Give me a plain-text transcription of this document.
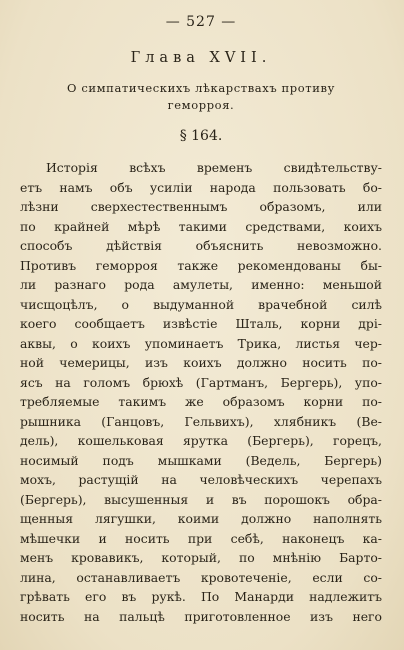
— 527 —
Глава XVII.
О симпатическихъ лѣкарствахъ противу геморроя.
§ 164.
Исторія всѣхъ временъ свидѣтельству-
етъ намъ объ усиліи народа пользовать бо-
лѣзни сверхестественнымъ образомъ, или
по крайней мѣрѣ такими средствами, коихъ
способъ дѣйствія объяснить невозможно.
Противъ геморроя также рекомендованы бы-
ли разнаго рода амулеты, именно: меньшой
чисщоцѣлъ, о выдуманной врачебной силѣ
коего сообщаетъ извѣстіе Шталь, корни дрі-
аквы, о коихъ упоминаетъ Трика, листья чер-
ной чемерицы, изъ коихъ должно носить по-
ясъ на голомъ брюхѣ (Гартманъ, Бергерь), упо-
требляемые такимъ же образомъ корни по-
рышника (Ганцовъ, Гельвихъ), хлябникъ (Ве-
дель), кошельковая ярутка (Бергерь), горецъ,
носимый подъ мышками (Ведель, Бергерь)
мохъ, растущій на человѣческихъ черепахъ
(Бергерь), высушенныя и въ порошокъ обра-
щенныя лягушки, коими должно наполнять
мѣшечки и носить при себѣ, наконецъ ка-
менъ кровавикъ, который, по мнѣнію Барто-
лина, останавливаетъ кровотеченіе, если со-
грѣвать его въ рукѣ. По Манарди надлежитъ
носить на пальцѣ приготовленное изъ него
